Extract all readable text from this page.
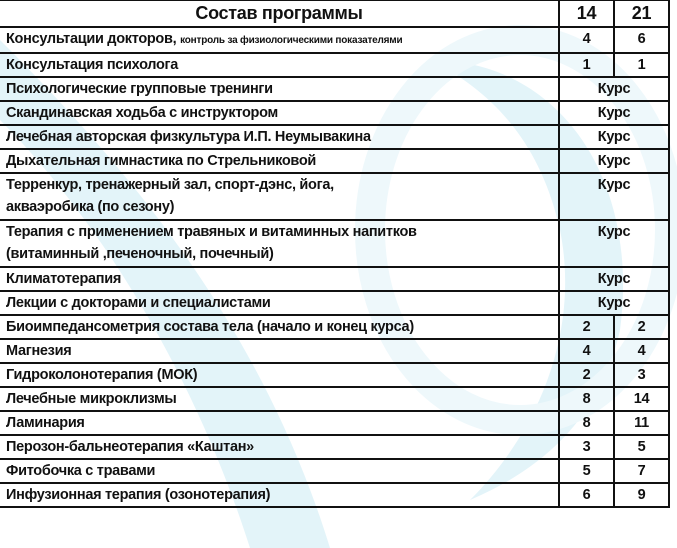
Состав программы	14	21
Консультации докторов, контроль за физиологическими показателями	4	6
Консультация психолога	1	1
Психологические групповые тренинги	Курс	
Скандинавская ходьба с инструктором	Курс	
Лечебная авторская физкультура И.П. Неумывакина	Курс	
Дыхательная гимнастика по Стрельниковой	Курс	
Терренкур, тренажерный зал, спорт-дэнс, йога,
акваэробика (по сезону)	Курс	
Терапия с применением травяных и витаминных напитков
(витаминный ,печеночный, почечный)	Курс	
Климатотерапия	Курс	
Лекции с докторами и специалистами	Курс	
Биоимпедансометрия состава тела (начало и конец курса)	2	2
Магнезия	4	4
Гидроколонотерапия (МОК)	2	3
Лечебные микроклизмы	8	14
Ламинария	8	11
Перозон-бальнеотерапия «Каштан»	3	5
Фитобочка с травами	5	7
Инфузионная терапия (озонотерапия)	6	9
